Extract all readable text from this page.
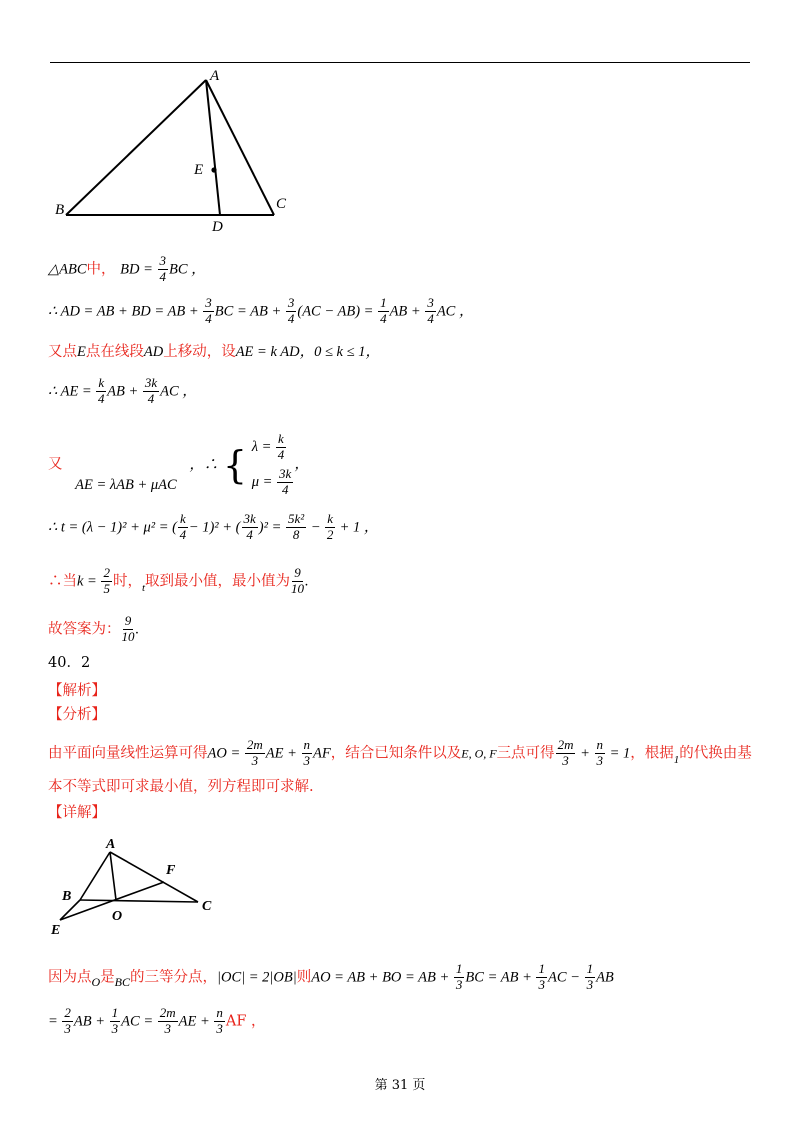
A
B	C
D
E
△ABC中， BD = $\frac{3}{4}$ BC ，
∴ AD = AB + BD = AB + $\frac{3}{4}$ BC = AB + $\frac{3}{4} (AC - AB) = \frac{1}{4}$ AB + $\frac{3}{4}$ AC ，
又点E点在线段AD上移动，设AE = k AD，0 ≤ k ≤ 1，
∴ AE = $\frac{k}{4}$ AB + $\frac{3k}{4}$ AC ，
又 AE = λAB + μAC ，∴ { $\lambda = \frac{k}{4}$
$\mu = \frac{3k}{4}$
，
∴ t = (λ − 1)² + μ² = ( $\frac{k}{4} - 1)^2$ + ( $\frac{3k}{4} )^2 = \frac{\text{5k²}}{8} - \frac{k}{2} + 1$ ，
∴当$k = \frac{2}{5}$ 时，$_t$取到最小值，最小值为 $\frac{9}{10}$ .
故答案为： $\frac{9}{10}$ .
40．2
【解析】
【分析】
由平面向量线性运算可得AO = $\frac{2m}{3}$ AE + $\frac{n}{3}$ AF，结合已知条件以及E, O, F三点可得 $\frac{2m}{3} + \frac{n}{3} = 1$，根据$_1$的代换由基
本不等式即可求最小值，列方程即可求解.
【详解】
A
B
C
E
F
O
因为点$_O$是$_{BC}$的三等分点，|OC| = 2|OB|则AO = AB + BO = AB + $\frac{1}{3}$ BC = AB + $\frac{1}{3}$ AC − $\frac{1}{3}$ AB
= $\frac{2}{3}$ AB + $\frac{1}{3}$ AC = $\frac{2m}{3}$ AE + $\frac{n}{3}$ AF ，
第 31 页
